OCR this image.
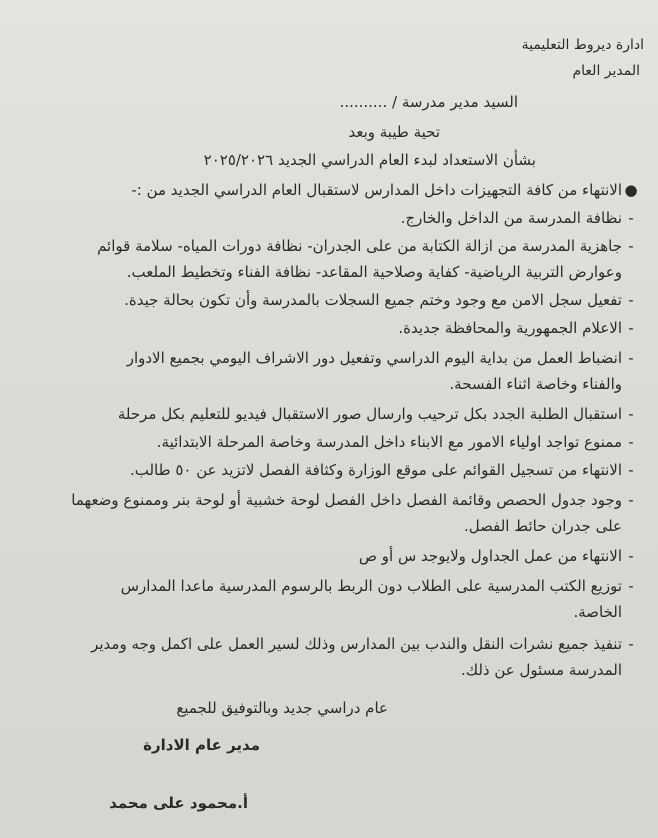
ادارة ديروط التعليمية
المدير العام
السيد مدير مدرسة / ..........
تحية طيبة وبعد
بشأن الاستعداد لبدء العام الدراسي الجديد ٢٠٢٥/٢٠٢٦
●الانتهاء من كافة التجهيزات داخل المدارس لاستقبال العام الدراسي الجديد من :-
-نظافة المدرسة من الداخل والخارج.
-جاهزية المدرسة من ازالة الكتابة من على الجدران- نظافة دورات المياه- سلامة قوائم
وعوارض التربية الرياضية- كفاية وصلاحية المقاعد- نظافة الفناء وتخطيط الملعب.
-تفعيل سجل الامن مع وجود وختم جميع السجلات بالمدرسة وأن تكون بحالة جيدة.
-الاعلام الجمهورية والمحافظة جديدة.
-انضباط العمل من بداية اليوم الدراسي وتفعيل دور الاشراف اليومي بجميع الادوار
والفناء وخاصة اثناء الفسحة.
-استقبال الطلبة الجدد بكل ترحيب وارسال صور الاستقبال فيديو للتعليم بكل مرحلة
-ممنوع تواجد اولياء الامور مع الابناء داخل المدرسة وخاصة المرحلة الابتدائية.
-الانتهاء من تسجيل القوائم على موقع الوزارة وكثافة الفصل لاتزيد عن ٥٠ طالب.
-وجود جدول الحصص وقائمة الفصل داخل الفصل لوحة خشبية أو لوحة بنر وممنوع وضعهما
على جدران حائط الفصل.
-الانتهاء من عمل الجداول ولايوجد س أو ص
-توزيع الكتب المدرسية على الطلاب دون الربط بالرسوم المدرسية ماعدا المدارس
الخاصة.
-تنفيذ جميع نشرات النقل والندب بين المدارس وذلك لسير العمل على اكمل وجه ومدير
المدرسة مسئول عن ذلك.
عام دراسي جديد وبالتوفيق للجميع
مدير عام الادارة
أ.محمود على محمد
